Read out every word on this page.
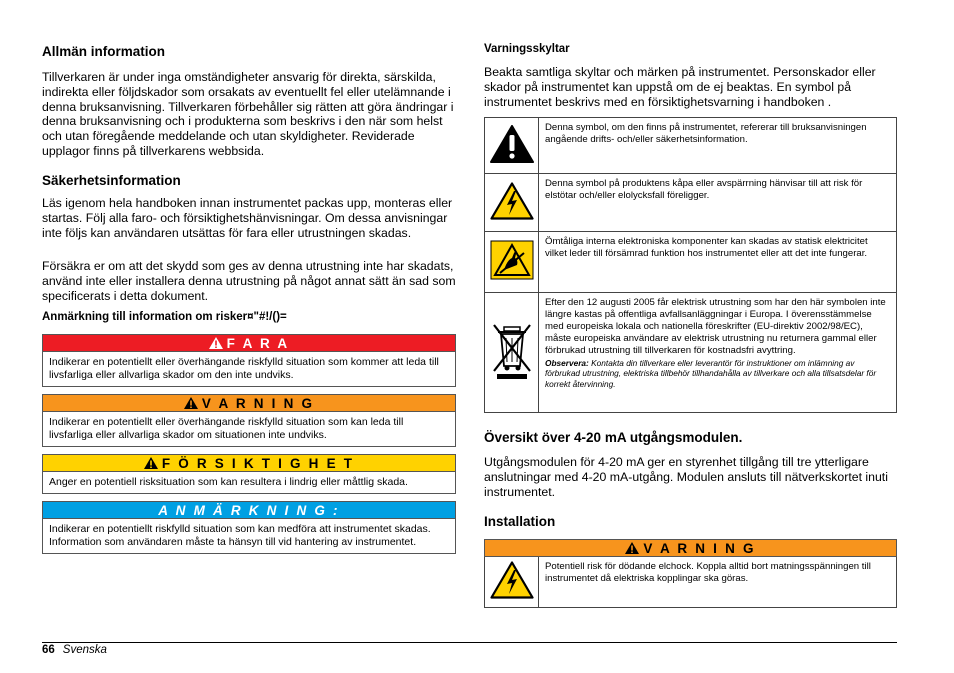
Allmän information

Tillverkaren är under inga omständigheter ansvarig för direkta, särskilda, indirekta eller följdskador som orsakats av eventuellt fel eller utelämnande i denna bruksanvisning. Tillverkaren förbehåller sig rätten att göra ändringar i denna bruksanvisning och i produkterna som beskrivs i den när som helst och utan föregående meddelande och utan skyldigheter. Reviderade upplagor finns på tillverkarens webbsida.

Säkerhetsinformation

Läs igenom hela handboken innan instrumentet packas upp, monteras eller startas. Följ alla faro- och försiktighetshänvisningar. Om dessa anvisningar inte följs kan användaren utsättas för fara eller utrustningen skadas.

Försäkra er om att det skydd som ges av denna utrustning inte har skadats, använd inte eller installera denna utrustning på något annat sätt än sad som specificerats i detta dokument.

Anmärkning till information om risker¤"#!/()=
F A R A
Indikerar en potentiellt eller överhängande riskfylld situation som kommer att leda till livsfarliga eller allvarliga skador om den inte undviks.
V A R N I N G
Indikerar en potentiellt eller överhängande riskfylld situation som kan leda till livsfarliga eller allvarliga skador om situationen inte undviks.
F Ö R S I K T I G H E T
Anger en potentiell risksituation som kan resultera i lindrig eller måttlig skada.
A N M Ä R K N I N G :
Indikerar en potentiellt riskfylld situation som kan medföra att instrumentet skadas. Information som användaren måste ta hänsyn till vid hantering av instrumentet.
Varningsskyltar

Beakta samtliga skyltar och märken på instrumentet. Personskador eller skador på instrumentet kan uppstå om de ej beaktas. En symbol på instrumentet beskrivs med en försiktighetsvarning i handboken .

	Denna symbol, om den finns på instrumentet, refererar till bruksanvisningen angående drifts- och/eller säkerhetsinformation.
	Denna symbol på produktens kåpa eller avspärrning hänvisar till att risk för elstötar och/eller elolycksfall föreligger.
	Ömtåliga interna elektroniska komponenter kan skadas av statisk elektricitet vilket leder till försämrad funktion hos instrumentet eller att det inte fungerar.
	Efter den 12 augusti 2005 får elektrisk utrustning som har den här symbolen inte längre kastas på offentliga avfallsanläggningar i Europa. I överensstämmelse med europeiska lokala och nationella föreskrifter (EU-direktiv 2002/98/EC), måste europeiska användare av elektrisk utrustning nu returnera gammal eller förbrukad utrustning till tillverkaren för kostnadsfri avyttring.
Observera: Kontakta din tillverkare eller leverantör för instruktioner om inlämning av förbrukad utrustning, elektriska tillbehör tillhandahålla av tillverkare och alla tillsatsdelar för korrekt återvinning.
Översikt över 4-20 mA utgångsmodulen.

Utgångsmodulen för 4-20 mA ger en styrenhet tillgång till tre ytterligare anslutningar med 4-20 mA-utgång. Modulen ansluts till nätverkskortet inuti instrumentet.

Installation
V A R N I N G
	Potentiell risk för dödande elchock. Koppla alltid bort matningsspänningen till instrumentet då elektriska kopplingar ska göras.
66 Svenska
